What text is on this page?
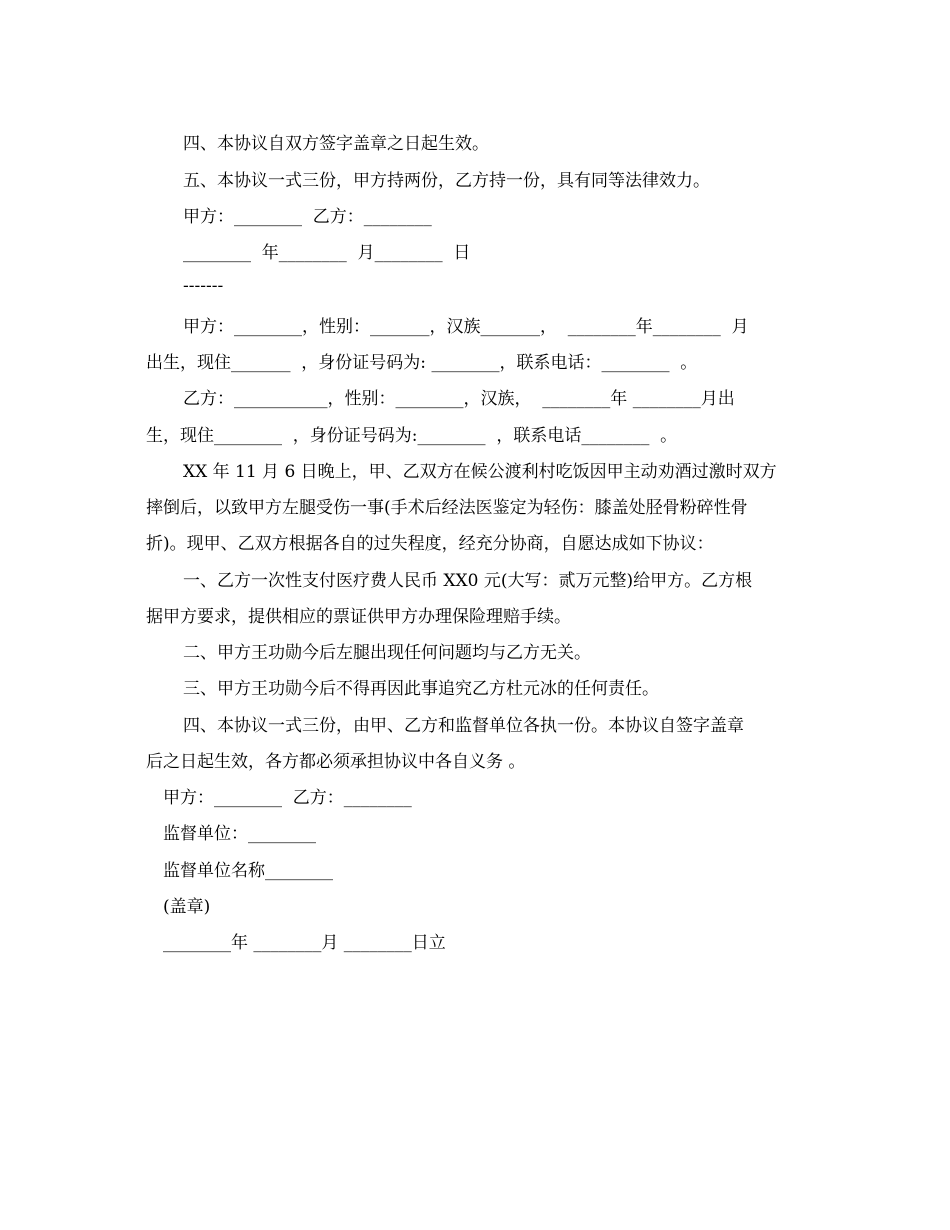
四、本协议自双方签字盖章之日起生效。
五、本协议一式三份，甲方持两份，乙方持一份，具有同等法律效力。
甲方：________  乙方：________
________  年________  月________  日
-------
甲方：________，性别：_______，汉族_______，  ________年________  月
出生，现住_______  ，身份证号码为: ________，联系电话：________  。
乙方：___________，性别：________，汉族，  ________年 ________月出
生，现住________  ，身份证号码为:________  ，联系电话________  。
XX 年 11 月 6 日晚上，甲、乙双方在候公渡利村吃饭因甲主动劝酒过激时双方
摔倒后，以致甲方左腿受伤一事(手术后经法医鉴定为轻伤：膝盖处胫骨粉碎性骨
折)。现甲、乙双方根据各自的过失程度，经充分协商，自愿达成如下协议：
一、乙方一次性支付医疗费人民币 XX0 元(大写：贰万元整)给甲方。乙方根
据甲方要求，提供相应的票证供甲方办理保险理赔手续。
二、甲方王功勋今后左腿出现任何问题均与乙方无关。
三、甲方王功勋今后不得再因此事追究乙方杜元冰的任何责任。
四、本协议一式三份，由甲、乙方和监督单位各执一份。本协议自签字盖章
后之日起生效，各方都必须承担协议中各自义务 。
甲方：________  乙方：________
监督单位：________
监督单位名称________
(盖章)
________年 ________月 ________日立
